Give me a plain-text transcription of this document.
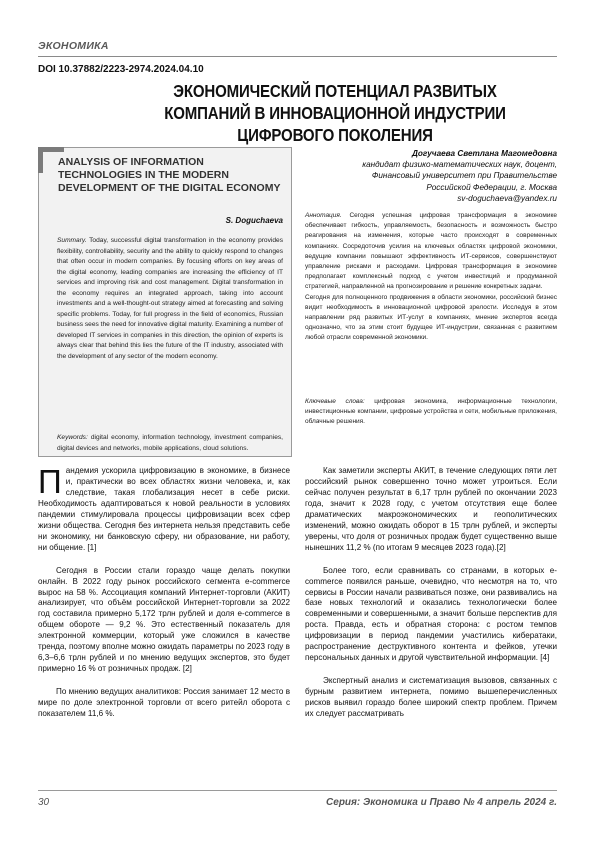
ЭКОНОМИКА
DOI 10.37882/2223-2974.2024.04.10
ЭКОНОМИЧЕСКИЙ ПОТЕНЦИАЛ РАЗВИТЫХ КОМПАНИЙ В ИННОВАЦИОННОЙ ИНДУСТРИИ ЦИФРОВОГО ПОКОЛЕНИЯ
ANALYSIS OF INFORMATION TECHNOLOGIES IN THE MODERN DEVELOPMENT OF THE DIGITAL ECONOMY
S. Doguchaeva
Summary. Today, successful digital transformation in the economy provides flexibility, controllability, security and the ability to quickly respond to changes that often occur in modern companies. By focusing efforts on key areas of the digital economy, leading companies are increasing the efficiency of IT services and improving risk and cost management. Digital transformation in the economy requires an integrated approach, taking into account investments and a well-thought-out strategy aimed at forecasting and solving specific problems. Today, for full progress in the field of economics, Russian business sees the need for innovative digital maturity. Examining a number of developed IT services in companies in this direction, the opinion of experts is always clear that behind this lies the future of the IT industry, associated with the development of any sector of the modern economy.
Keywords: digital economy, information technology, investment companies, digital devices and networks, mobile applications, cloud solutions.
Догучаева Светлана Магомедовна
кандидат физико-математических наук, доцент,
Финансовый университет при Правительстве
Российской Федерации, г. Москва
sv-doguchaeva@yandex.ru
Аннотация. Сегодня успешная цифровая трансформация в экономике обеспечивает гибкость, управляемость, безопасность и возможность быстро реагирования на изменения, которые часто происходят в современных компаниях. Сосредоточив усилия на ключевых областях цифровой экономики, ведущие компании повышают эффективность ИТ-сервисов, совершенствуют управление рисками и расходами. Цифровая трансформация в экономике предполагает комплексный подход с учетом инвестиций и продуманной стратегией, направленной на прогнозирование и решение конкретных задачи.
Сегодня для полноценного продвижения в области экономики, российский бизнес видит необходимость в инновационной цифровой зрелости. Исследуя в этом направлении ряд развитых ИТ-услуг в компаниях, мнение экспертов всегда однозначно, что за этим стоит будущее ИТ-индустрии, связанная с развитием любой отрасли современной экономики.
Ключевые слова: цифровая экономика, информационные технологии, инвестиционные компании, цифровые устройства и сети, мобильные приложения, облачные решения.

П андемия ускорила цифровизацию в экономике, в бизнесе и, практически во всех областях жизни человека, и, как следствие, такая глобализация несет в себе риски. Необходимость адаптироваться к новой реальности в условиях пандемии стимулировала процессы цифровизации всех сфер жизни общества. Сегодня без интернета нельзя представить себе ни экономику, ни банковскую сферу, ни образование, ни работу, ни общение. [1]

Сегодня в России стали гораздо чаще делать покупки онлайн. В 2022 году рынок российского сегмента e-commerce вырос на 58 %. Ассоциация компаний Интернет-торговли (АКИТ) анализирует, что объём российской Интернет-торговли за 2022 год составила примерно 5,172 трлн рублей и доля e-commerce в общем обороте — 9,2 %. Это естественный показатель для электронной коммерции, который уже сложился в качестве тренда, поэтому вполне можно ожидать параметры по 2023 году в 6,3–6,6 трлн рублей и по мнению ведущих экспертов, это будет примерно 16 % от розничных продаж. [2]

По мнению ведущих аналитиков: Россия занимает 12 место в мире по доле электронной торговли от всего ритейл оборота с показателем 11,6 %.

Как заметили эксперты АКИТ, в течение следующих пяти лет российский рынок совершенно точно может утроиться. Если сейчас получен результат в 6,17 трлн рублей по окончании 2023 года, значит к 2028 году, с учетом отсутствия еще более драматических макроэкономических и геополитических изменений, можно ожидать оборот в 15 трлн рублей, и эксперты уверены, что доля от розничных продаж будет существенно выше нынешних 11,2 % (по итогам 9 месяцев 2023 года).[2]

Более того, если сравнивать со странами, в которых e-commerce появился раньше, очевидно, что несмотря на то, что сервисы в России начали развиваться позже, они развивались на базе новых технологий и оказались технологически более современными и совершенными, а значит больше перспектив для роста. Правда, есть и обратная сторона: с ростом темпов цифровизации в период пандемии участились кибератаки, распространение деструктивного контента и фейков, утечки персональных данных и другой чувствительной информации. [4]

Экспертный анализ и систематизация вызовов, связанных с бурным развитием интернета, помимо вышеперечисленных рисков выявил гораздо более широкий спектр проблем. Причем их следует рассматривать

30	Серия: Экономика и Право № 4 апрель 2024 г.
